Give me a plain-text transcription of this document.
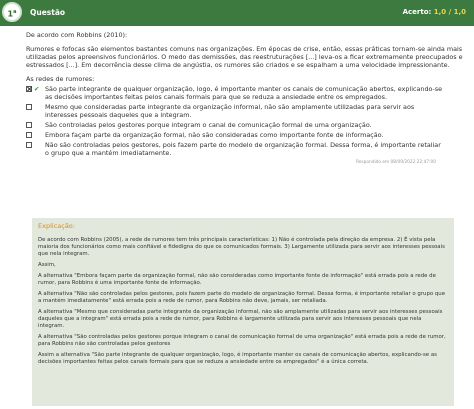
1$^a$	Questão	Acerto: 1,0 / 1,0

De acordo com Robbins (2010):

Rumores e fofocas são elementos bastantes comuns nas organizações. Em épocas de crise, então, essas práticas tornam-se ainda mais utilizadas pelos apreensivos funcionários. O medo das demissões, das reestruturações [...] leva-os a ficar extremamente preocupados e estressados [...]. Em decorrência desse clima de angústia, os rumores são criados e se espalham a uma velocidade impressionante.

As redes de rumores:

✔ São parte integrante de qualquer organização, logo, é importante manter os canais de comunicação abertos, explicando-se as decisões importantes feitas pelos canais formais para que se reduza a ansiedade entre os empregados.
Mesmo que consideradas parte integrante da organização informal, não são amplamente utilizadas para servir aos interesses pessoais daqueles que a integram.
São controladas pelos gestores porque integram o canal de comunicação formal de uma organização.
Embora façam parte da organização formal, não são consideradas como importante fonte de informação.
Não são controladas pelos gestores, pois fazem parte do modelo de organização formal. Dessa forma, é importante retaliar o grupo que a mantém imediatamente.
Respondido em 08/09/2022 22:47:00
Explicação:

De acordo com Robbins (2005), a rede de rumores tem três principais características: 1) Não é controlada pela direção da empresa. 2) É vista pela maioria dos funcionários como mais confiável e fidedigna do que os comunicados formais. 3) Largamente utilizada para servir aos interesses pessoais que nela integram.

Assim,

A alternativa "Embora façam parte da organização formal, não são consideradas como importante fonte de informação" está errada pois a rede de rumor, para Robbins é uma importante fonte de informação.

A alternativa "Não são controladas pelos gestores, pois fazem parte do modelo de organização formal. Dessa forma, é importante retaliar o grupo que a mantém imediatamente" está errada pois a rede de rumor, para Robbins não deve, jamais, ser retaliada.

A alternativa "Mesmo que consideradas parte integrante da organização informal, não são amplamente utilizadas para servir aos interesses pessoais daqueles que a integram" está errada pois a rede de rumor, para Robbins é largamente utilizada para servir aos interesses pessoais que nela integram.

A alternativa "São controladas pelos gestores porque integram o canal de comunicação formal de uma organização" está errada pois a rede de rumor, para Robbins não são controladas pelos gestores

Assim a alternativa "São parte integrante de qualquer organização, logo, é importante manter os canais de comunicação abertos, explicando-se as decisões importantes feitas pelos canais formais para que se reduza a ansiedade entre os empregados" é a única correta.
